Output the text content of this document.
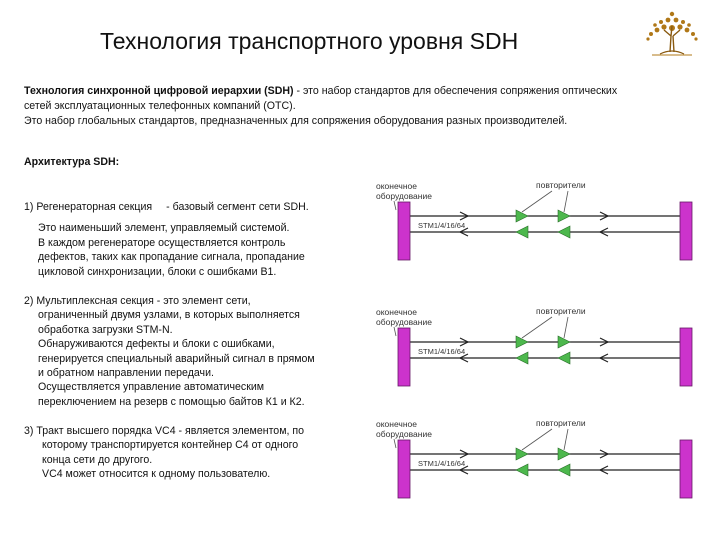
Технология транспортного уровня SDH
Технология синхронной цифровой иерархии (SDH) - это набор стандартов для обеспечения сопряжения оптических
сетей эксплуатационных телефонных компаний (ОТС).
Это набор глобальных стандартов, предназначенных для сопряжения оборудования разных производителей.
Архитектура SDH:
1) Регенераторная секция - базовый сегмент сети SDH.
Это наименьший элемент, управляемый системой.
В каждом регенераторе осуществляется контроль
дефектов, таких как пропадание сигнала, пропадание
цикловой синхронизации, блоки с ошибками В1.
2) Мультиплексная секция - это элемент сети,
ограниченный двумя узлами, в которых выполняется
обработка загрузки STM-N.
Обнаруживаются дефекты и блоки с ошибками,
генерируется специальный аварийный сигнал в прямом
и обратном направлении передачи.
Осуществляется управление автоматическим
переключением на резерв с помощью байтов К1 и К2.
3) Тракт высшего порядка VC4 - является элементом, по
которому транспортируется контейнер С4 от одного
конца сети до другого.
VC4 может относится к одному пользователю.
оконечное
оборудование
повторители
STM1/4/16/64
оконечное
оборудование
повторители
STM1/4/16/64
оконечное
оборудование
повторители
STM1/4/16/64
